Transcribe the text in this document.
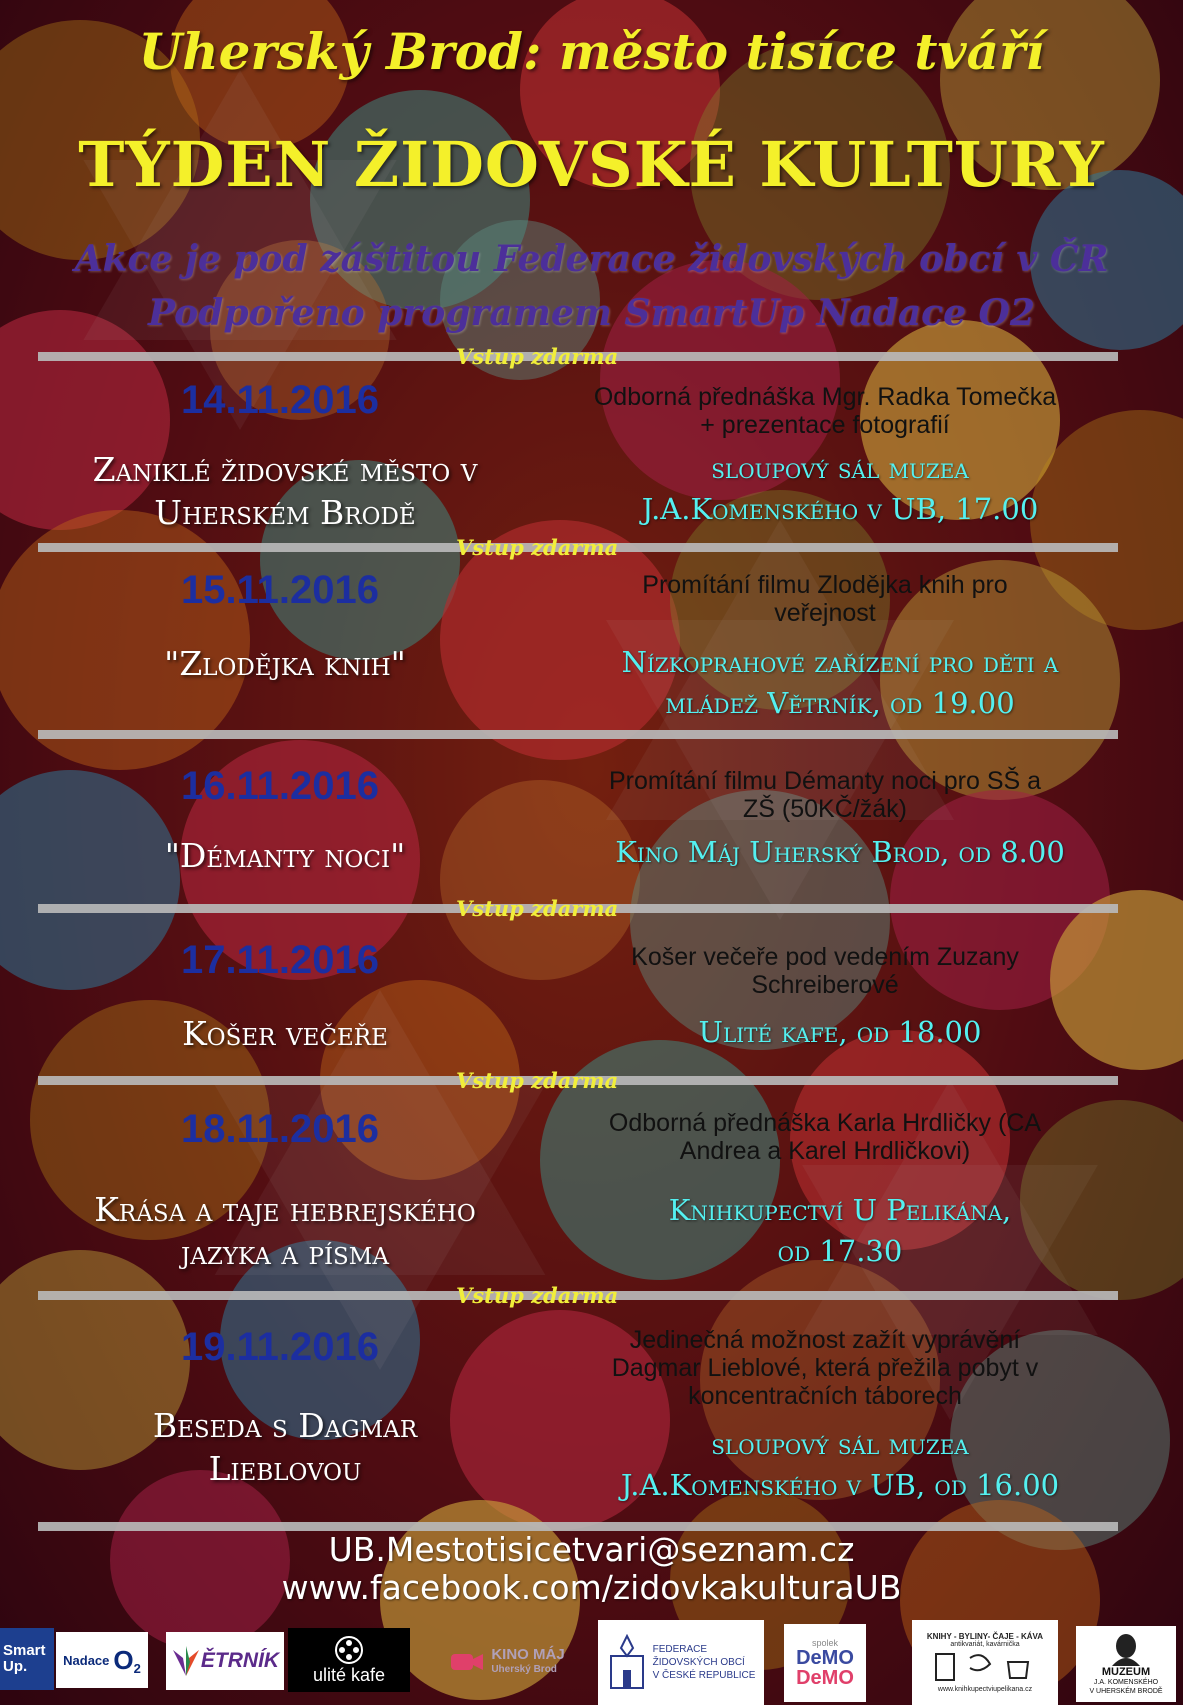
Uherský Brod: město tisíce tváří
TÝDEN ŽIDOVSKÉ KULTURY
Akce je pod záštitou Federace židovských obcí v ČR
Podpořeno programem SmartUp Nadace O2
Vstup zdarma
Vstup zdarma
Vstup zdarma
Vstup zdarma
Vstup zdarma
14.11.2016
Zaniklé židovské město v
Uherském Brodě
Odborná přednáška Mgr. Radka Tomečka
+ prezentace fotografií
sloupový sál muzea
J.A.Komenského v UB, 17.00
15.11.2016
"Zlodějka knih"
Promítání filmu Zlodějka knih pro
veřejnost
Nízkoprahové zařízení pro děti a
mládež Větrník, od 19.00
16.11.2016
"Démanty noci"
Promítání filmu Démanty noci pro SŠ a
ZŠ (50KČ/žák)
Kino Máj Uherský Brod, od 8.00
17.11.2016
Košer večeře
Košer večeře pod vedením Zuzany
Schreiberové
Ulité kafe, od 18.00
18.11.2016
Krása a taje hebrejského
jazyka a písma
Odborná přednáška Karla Hrdličky (CA
Andrea a Karel Hrdličkovi)
Knihkupectví U Pelikána,
od 17.30
19.11.2016
Beseda s Dagmar
Lieblovou
Jedinečná možnost zažít vyprávění
Dagmar Lieblové, která přežila pobyt v
koncentračních táborech
sloupový sál muzea
J.A.Komenského v UB, od 16.00
UB.Mestotisicetvari@seznam.cz
www.facebook.com/zidovkakulturaUB
Smart
Up.	Nadace O 2	ĚTRNÍK
ulité kafe
KINO MÁJ
Uherský Brod
FEDERACE
ŽIDOVSKÝCH OBCÍ
V ČESKÉ REPUBLICE
spolek
DeMO
DeMO
KNIHY - BYLINY- ČAJE - KÁVA
antikvariát, kavárnička
www.knihkupectviupelikana.cz
MUZEUM
J.A. KOMENSKÉHO
V UHERSKÉM BRODĚ
